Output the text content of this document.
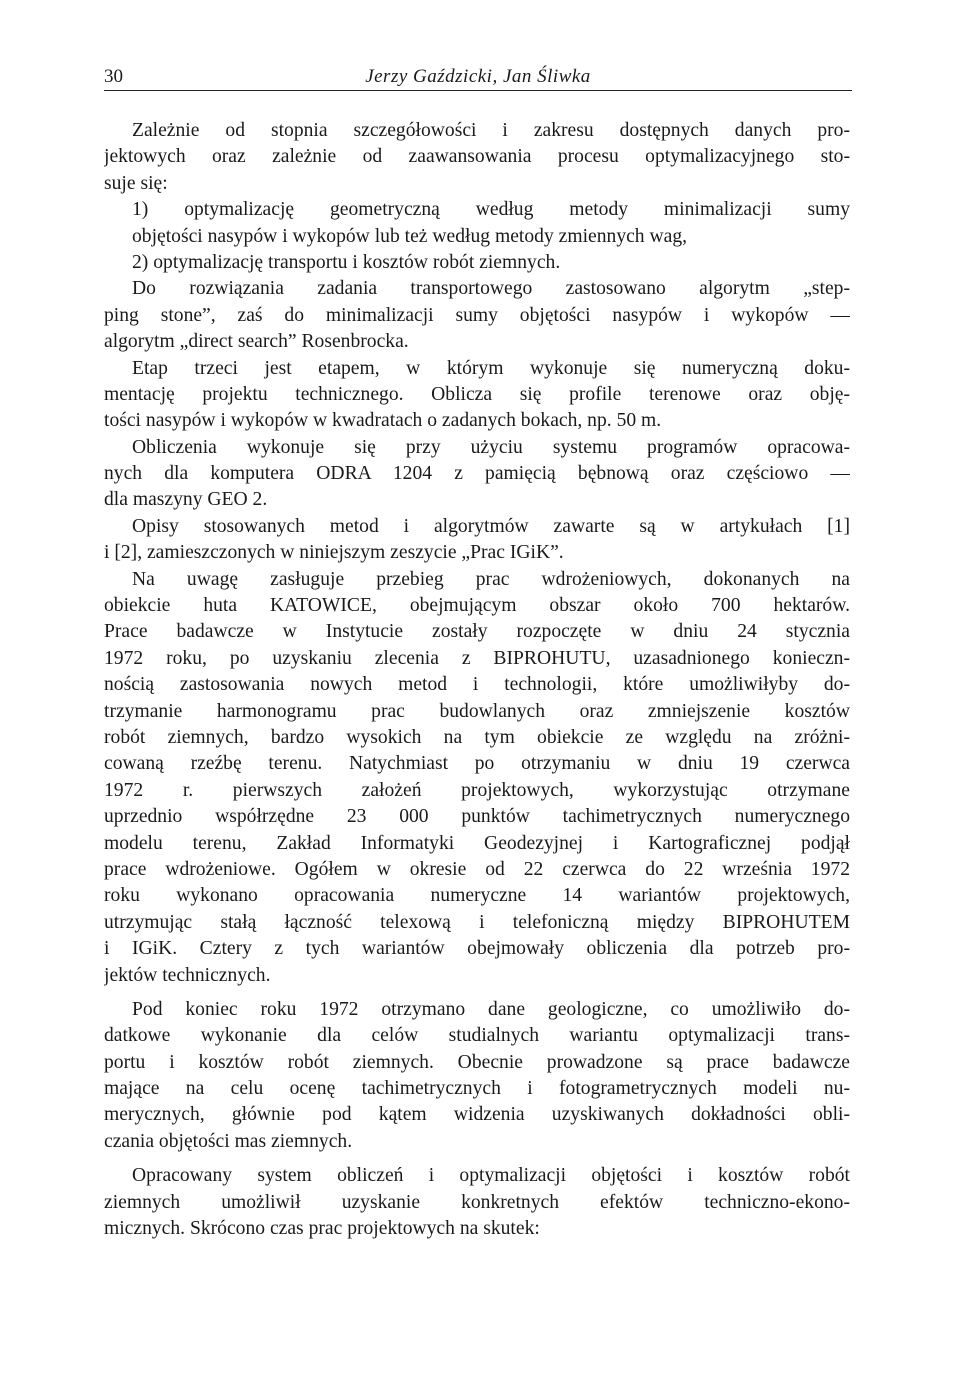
30	Jerzy Gaździcki, Jan Śliwka
Zależnie od stopnia szczegółowości i zakresu dostępnych danych pro-
jektowych oraz zależnie od zaawansowania procesu optymalizacyjnego sto-
suje się:
1) optymalizację geometryczną według metody minimalizacji sumy
objętości nasypów i wykopów lub też według metody zmiennych wag,
2) optymalizację transportu i kosztów robót ziemnych.
Do rozwiązania zadania transportowego zastosowano algorytm „step-
ping stone”, zaś do minimalizacji sumy objętości nasypów i wykopów —
algorytm „direct search” Rosenbrocka.
Etap trzeci jest etapem, w którym wykonuje się numeryczną doku-
mentację projektu technicznego. Oblicza się profile terenowe oraz obję-
tości nasypów i wykopów w kwadratach o zadanych bokach, np. 50 m.
Obliczenia wykonuje się przy użyciu systemu programów opracowa-
nych dla komputera ODRA 1204 z pamięcią bębnową oraz częściowo —
dla maszyny GEO 2.
Opisy stosowanych metod i algorytmów zawarte są w artykułach [1]
i [2], zamieszczonych w niniejszym zeszycie „Prac IGiK”.
Na uwagę zasługuje przebieg prac wdrożeniowych, dokonanych na
obiekcie huta KATOWICE, obejmującym obszar około 700 hektarów.
Prace badawcze w Instytucie zostały rozpoczęte w dniu 24 stycznia
1972 roku, po uzyskaniu zlecenia z BIPROHUTU, uzasadnionego konieczn-
nością zastosowania nowych metod i technologii, które umożliwiłyby do-
trzymanie harmonogramu prac budowlanych oraz zmniejszenie kosztów
robót ziemnych, bardzo wysokich na tym obiekcie ze względu na zróżni-
cowaną rzeźbę terenu. Natychmiast po otrzymaniu w dniu 19 czerwca
1972 r. pierwszych założeń projektowych, wykorzystując otrzymane
uprzednio współrzędne 23 000 punktów tachimetrycznych numerycznego
modelu terenu, Zakład Informatyki Geodezyjnej i Kartograficznej podjął
prace wdrożeniowe. Ogółem w okresie od 22 czerwca do 22 września 1972
roku wykonano opracowania numeryczne 14 wariantów projektowych,
utrzymując stałą łączność telexową i telefoniczną między BIPROHUTEM
i IGiK. Cztery z tych wariantów obejmowały obliczenia dla potrzeb pro-
jektów technicznych.
Pod koniec roku 1972 otrzymano dane geologiczne, co umożliwiło do-
datkowe wykonanie dla celów studialnych wariantu optymalizacji trans-
portu i kosztów robót ziemnych. Obecnie prowadzone są prace badawcze
mające na celu ocenę tachimetrycznych i fotogrametrycznych modeli nu-
merycznych, głównie pod kątem widzenia uzyskiwanych dokładności obli-
czania objętości mas ziemnych.
Opracowany system obliczeń i optymalizacji objętości i kosztów robót
ziemnych umożliwił uzyskanie konkretnych efektów techniczno-ekono-
micznych. Skrócono czas prac projektowych na skutek:
